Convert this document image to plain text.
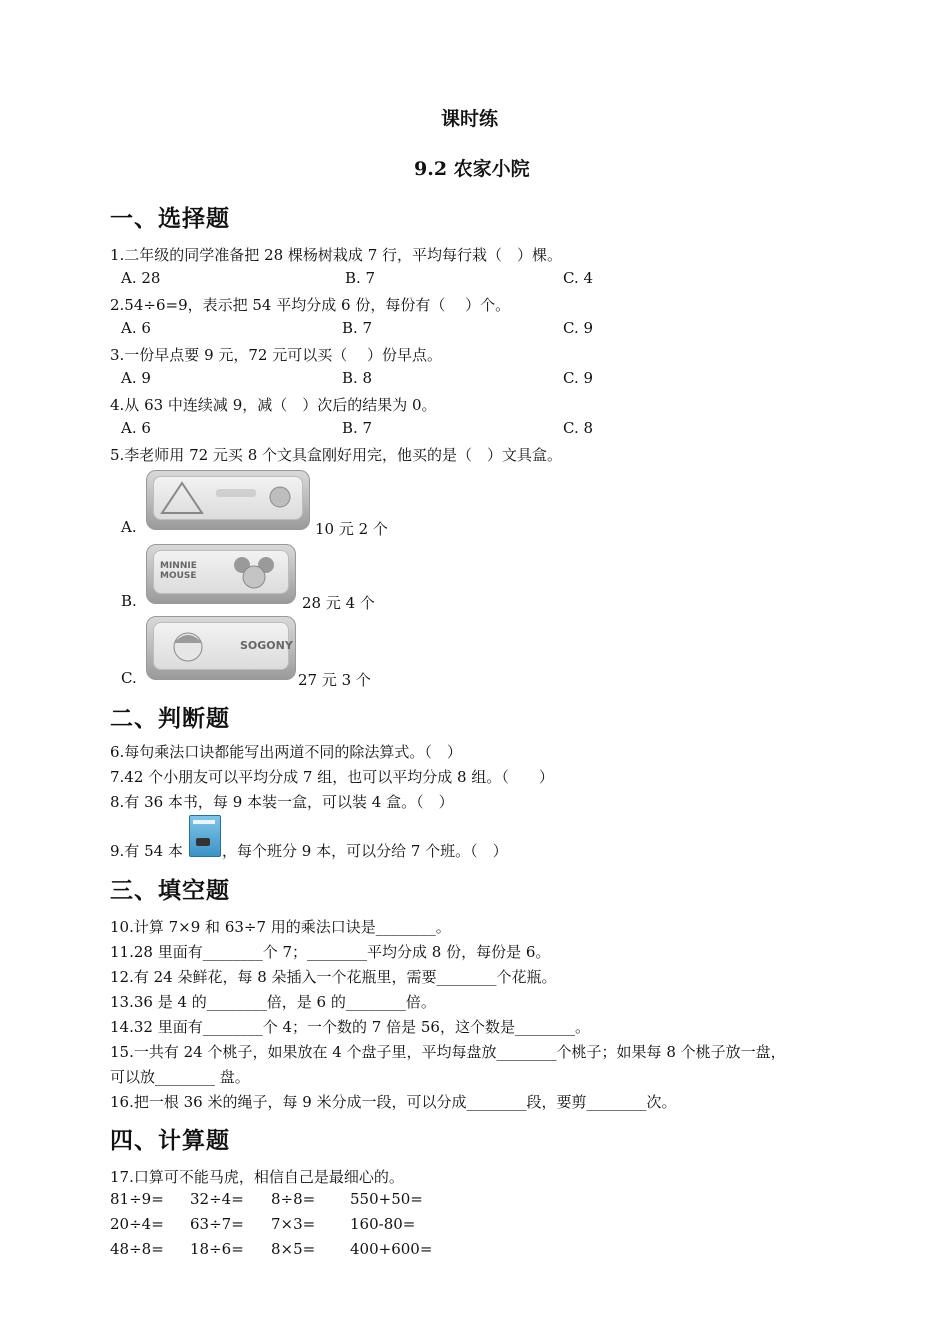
课时练
9.2 农家小院
一、选择题
1.二年级的同学准备把 28 棵杨树栽成 7 行，平均每行栽（　）棵。
A. 28	B. 7	C. 4
2.54÷6=9，表示把 54 平均分成 6 份，每份有（　 ）个。
A. 6	B. 7	C. 9
3.一份早点要 9 元，72 元可以买（　 ）份早点。
A. 9	B. 8	C. 9
4.从 63 中连续减 9，减（　）次后的结果为 0。
A. 6	B. 7	C. 8
5.李老师用 72 元买 8 个文具盒刚好用完，他买的是（　）文具盒。
A.	10 元 2 个
B.
MINNIE MOUSE
28 元 4 个
C.
SOGONY
27 元 3 个
二、判断题
6.每句乘法口诀都能写出两道不同的除法算式。（　）
7.42 个小朋友可以平均分成 7 组，也可以平均分成 8 组。（　　）
8.有 36 本书，每 9 本装一盒，可以装 4 盒。（　）
9.有 54 本	，每个班分 9 本，可以分给 7 个班。（　）
三、填空题
10.计算 7×9 和 63÷7 用的乘法口诀是________。
11.28 里面有________个 7；________平均分成 8 份，每份是 6。
12.有 24 朵鲜花，每 8 朵插入一个花瓶里，需要________个花瓶。
13.36 是 4 的________倍，是 6 的________倍。
14.32 里面有________个 4；一个数的 7 倍是 56，这个数是________。
15.一共有 24 个桃子，如果放在 4 个盘子里，平均每盘放________个桃子；如果每 8 个桃子放一盘，
可以放________ 盘。
16.把一根 36 米的绳子，每 9 米分成一段，可以分成________段，要剪________次。
四、计算题
17.口算可不能马虎，相信自己是最细心的。
81÷9= 32÷4= 8÷8= 550+50=
20÷4= 63÷7= 7×3= 160-80=
48÷8= 18÷6= 8×5= 400+600=
